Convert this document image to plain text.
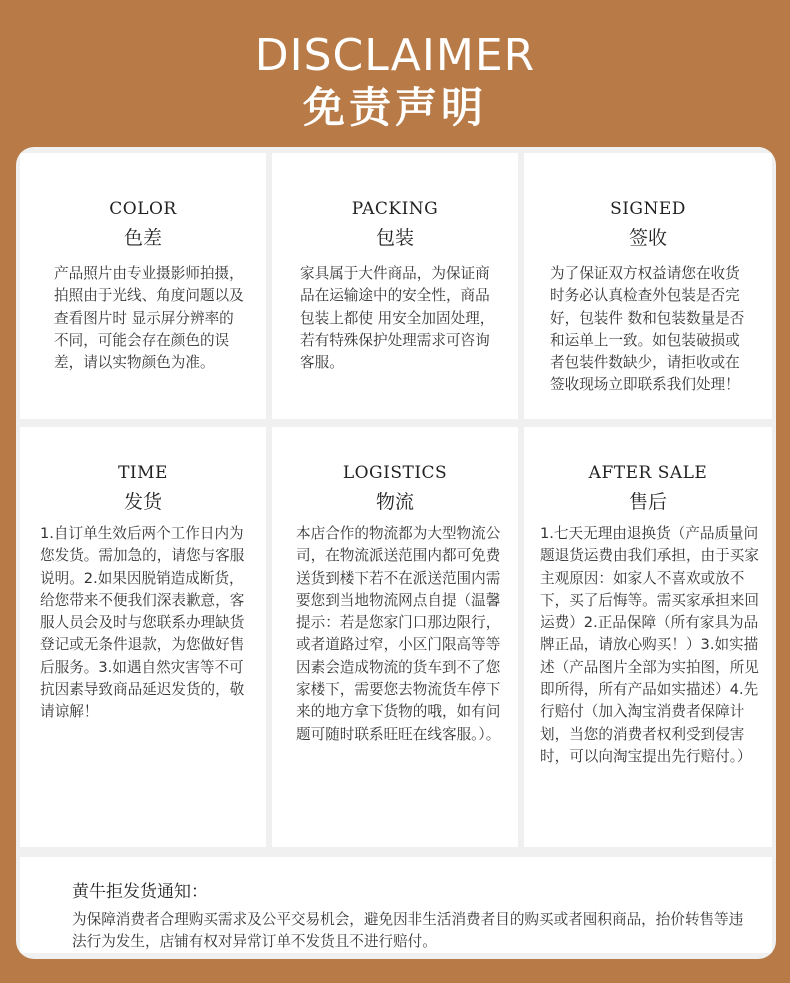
DISCLAIMER
免责声明
COLOR
色差
产品照片由专业摄影师拍摄，拍照由于光线、角度问题以及查看图片时 显示屏分辨率的不同，可能会存在颜色的误差，请以实物颜色为准。
PACKING
包装
家具属于大件商品，为保证商品在运输途中的安全性，商品包装上都使 用安全加固处理，若有特殊保护处理需求可咨询客服。
SIGNED
签收
为了保证双方权益请您在收货时务必认真检查外包装是否完好，包装件 数和包装数量是否和运单上一致。如包装破损或者包装件数缺少，请拒收或在签收现场立即联系我们处理！
TIME
发货
1.自订单生效后两个工作日内为您发货。需加急的，请您与客服说明。2.如果因脱销造成断货，给您带来不便我们深表歉意，客服人员会及时与您联系办理缺货登记或无条件退款，为您做好售后服务。3.如遇自然灾害等不可抗因素导致商品延迟发货的，敬请谅解！
LOGISTICS
物流
本店合作的物流都为大型物流公司，在物流派送范围内都可免费送货到楼下若不在派送范围内需要您到当地物流网点自提（温馨提示：若是您家门口那边限行，或者道路过窄，小区门限高等等因素会造成物流的货车到不了您家楼下，需要您去物流货车停下来的地方拿下货物的哦，如有问题可随时联系旺旺在线客服。）。
AFTER SALE
售后
1.七天无理由退换货（产品质量问题退货运费由我们承担，由于买家主观原因：如家人不喜欢或放不下，买了后悔等。需买家承担来回运费）2.正品保障（所有家具为品牌正品，请放心购买！）3.如实描述（产品图片全部为实拍图，所见即所得，所有产品如实描述）4.先行赔付（加入淘宝消费者保障计划，当您的消费者权利受到侵害时，可以向淘宝提出先行赔付。）
黄牛拒发货通知：
为保障消费者合理购买需求及公平交易机会，避免因非生活消费者目的购买或者囤积商品，抬价转售等违法行为发生，店铺有权对异常订单不发货且不进行赔付。
